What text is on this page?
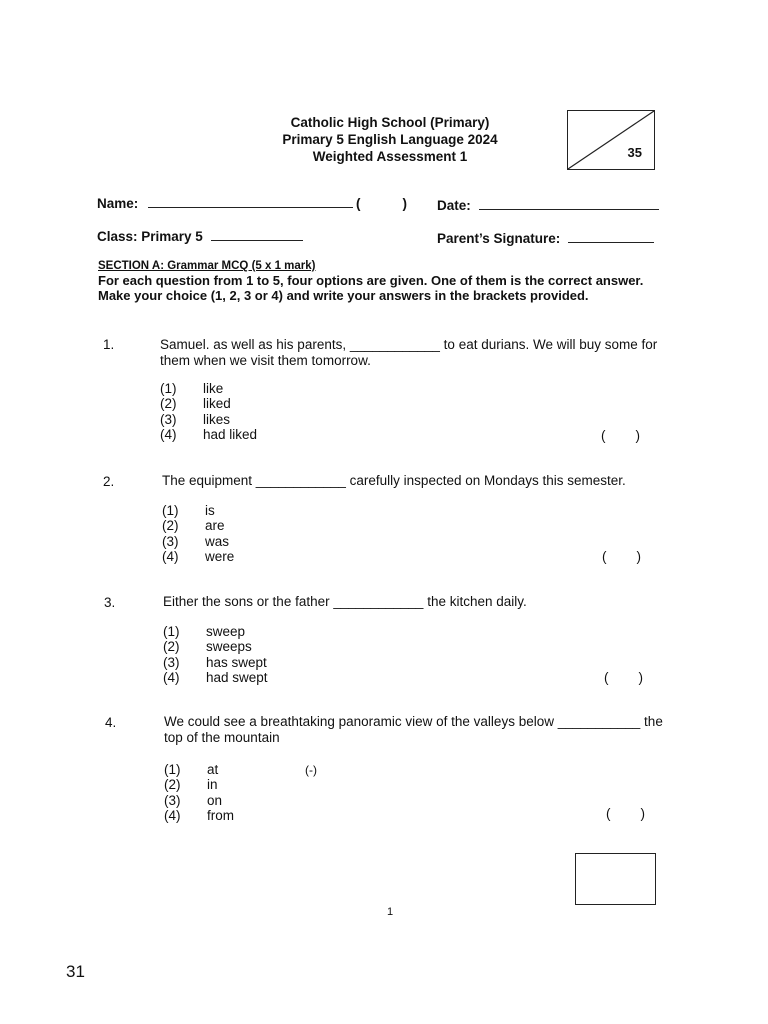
Catholic High School (Primary)
Primary 5 English Language 2024
Weighted Assessment 1	35
Name:	(	) Date:
Class: Primary 5	Parent’s Signature:
SECTION A: Grammar MCQ (5 x 1 mark)
For each question from 1 to 5, four options are given. One of them is the correct answer. Make your choice (1, 2, 3 or 4) and write your answers in the brackets provided.
1.	Samuel. as well as his parents, ____________ to eat durians. We will buy some for them when we visit them tomorrow.
(1) like
(2) liked
(3) likes
(4) had liked	( )
2.	The equipment ____________ carefully inspected on Mondays this semester.
(1) is
(2) are
(3) was
(4) were	( )
3.	Either the sons or the father ____________ the kitchen daily.
(1) sweep
(2) sweeps
(3) has swept
(4) had swept	( )
4.	We could see a breathtaking panoramic view of the valleys below ___________ the top of the mountain
(1) at
(2) in
(3) on
(4) from
(-)
( )
1
31
